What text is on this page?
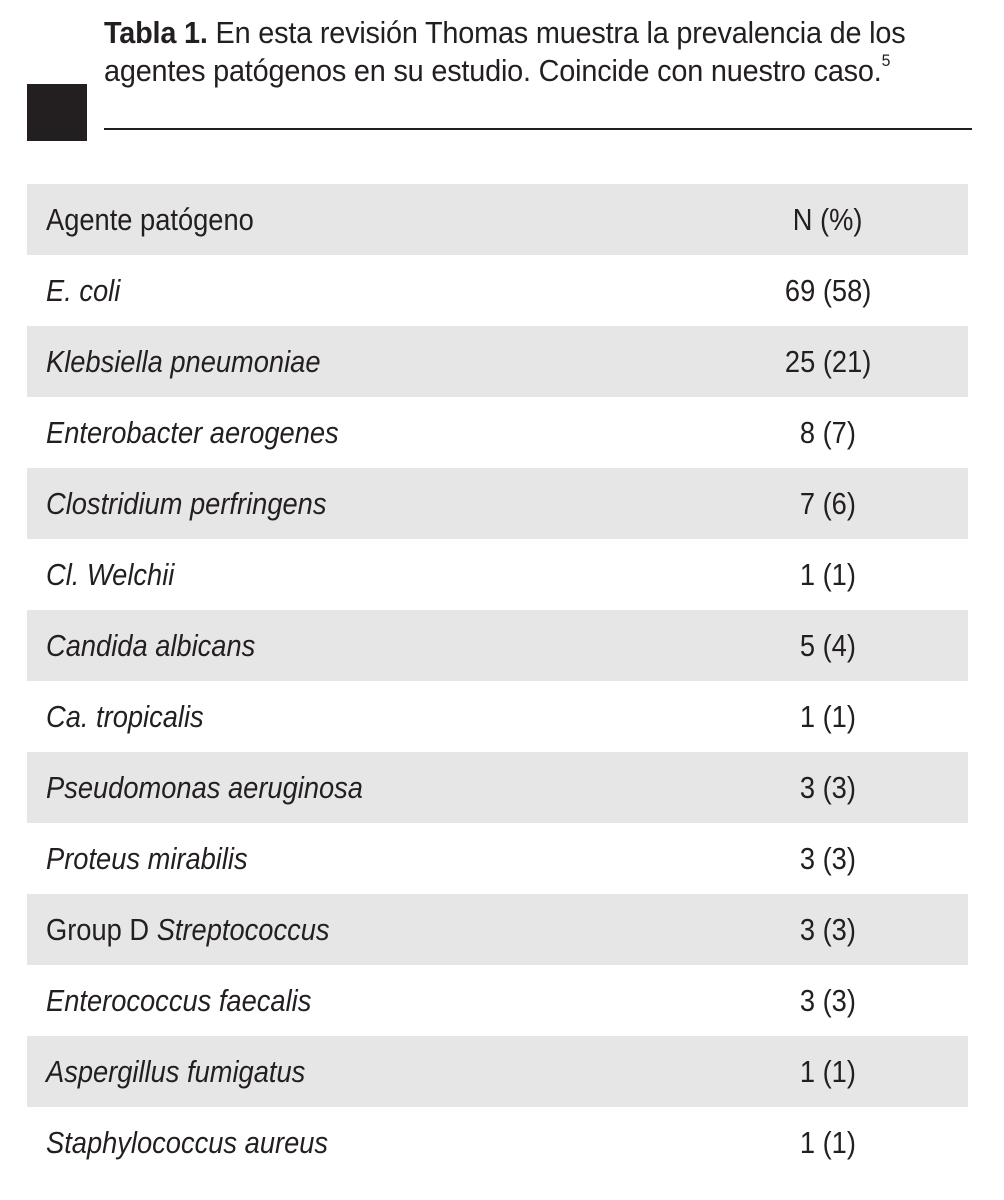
Tabla 1. En esta revisión Thomas muestra la prevalencia de los agentes patógenos en su estudio. Coincide con nuestro caso.$^5$
Agente patógeno	N (%)
E. coli	69 (58)
Klebsiella pneumoniae	25 (21)
Enterobacter aerogenes	8 (7)
Clostridium perfringens	7 (6)
Cl. Welchii	1 (1)
Candida albicans	5 (4)
Ca. tropicalis	1 (1)
Pseudomonas aeruginosa	3 (3)
Proteus mirabilis	3 (3)
Group D Streptococcus	3 (3)
Enterococcus faecalis	3 (3)
Aspergillus fumigatus	1 (1)
Staphylococcus aureus	1 (1)
